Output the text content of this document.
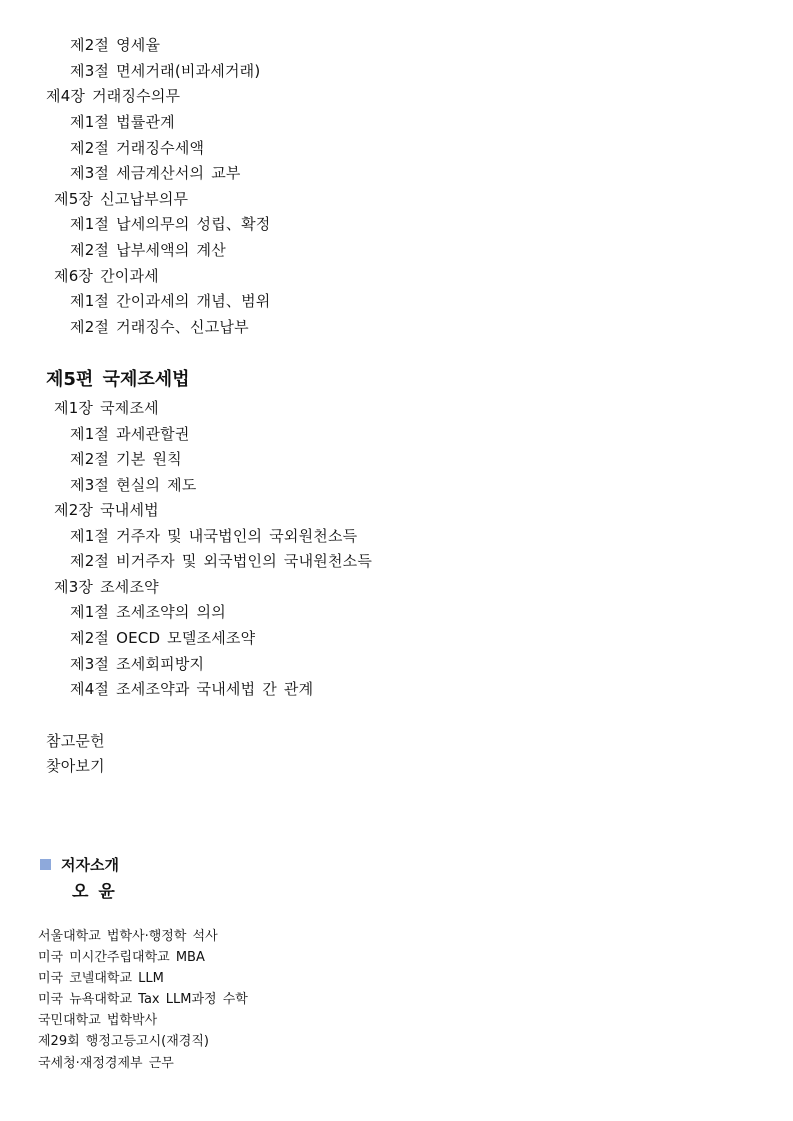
제2절 영세율
제3절 면세거래(비과세거래)
제4장 거래징수의무
제1절 법률관계
제2절 거래징수세액
제3절 세금계산서의 교부
제5장 신고납부의무
제1절 납세의무의 성립、확정
제2절 납부세액의 계산
제6장 간이과세
제1절 간이과세의 개념、범위
제2절 거래징수、신고납부
제5편 국제조세법
제1장 국제조세
제1절 과세관할권
제2절 기본 원칙
제3절 현실의 제도
제2장 국내세법
제1절 거주자 및 내국법인의 국외원천소득
제2절 비거주자 및 외국법인의 국내원천소득
제3장 조세조약
제1절 조세조약의 의의
제2절 OECD 모델조세조약
제3절 조세회피방지
제4절 조세조약과 국내세법 간 관계
참고문헌
찾아보기
저자소개
오 윤
서울대학교 법학사·행정학 석사
미국 미시간주립대학교 MBA
미국 코넬대학교 LLM
미국 뉴욕대학교 Tax LLM과정 수학
국민대학교 법학박사
제29회 행정고등고시(재경직)
국세청·재정경제부 근무
